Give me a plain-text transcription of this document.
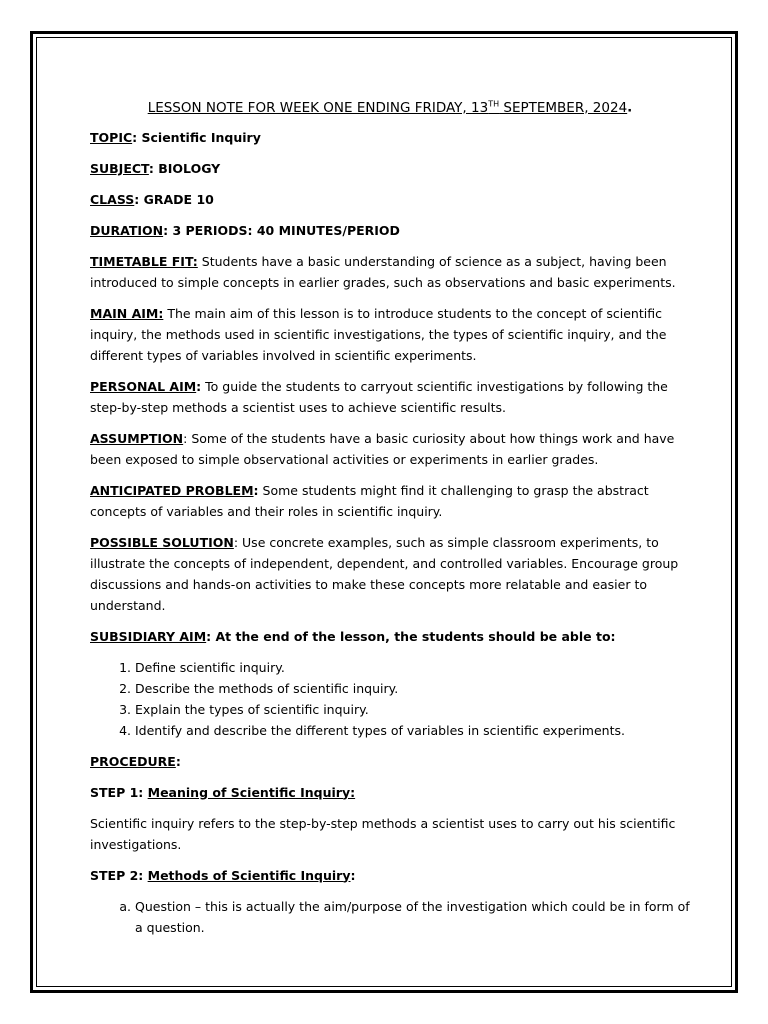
LESSON NOTE FOR WEEK ONE ENDING FRIDAY, 13TH SEPTEMBER, 2024.
TOPIC: Scientific Inquiry
SUBJECT: BIOLOGY
CLASS: GRADE 10
DURATION: 3 PERIODS: 40 MINUTES/PERIOD
TIMETABLE FIT: Students have a basic understanding of science as a subject, having been introduced to simple concepts in earlier grades, such as observations and basic experiments.
MAIN AIM: The main aim of this lesson is to introduce students to the concept of scientific inquiry, the methods used in scientific investigations, the types of scientific inquiry, and the different types of variables involved in scientific experiments.
PERSONAL AIM: To guide the students to carryout scientific investigations by following the step-by-step methods a scientist uses to achieve scientific results.
ASSUMPTION: Some of the students have a basic curiosity about how things work and have been exposed to simple observational activities or experiments in earlier grades.
ANTICIPATED PROBLEM: Some students might find it challenging to grasp the abstract concepts of variables and their roles in scientific inquiry.
POSSIBLE SOLUTION: Use concrete examples, such as simple classroom experiments, to illustrate the concepts of independent, dependent, and controlled variables. Encourage group discussions and hands-on activities to make these concepts more relatable and easier to understand.
SUBSIDIARY AIM: At the end of the lesson, the students should be able to:
1. Define scientific inquiry.
2. Describe the methods of scientific inquiry.
3. Explain the types of scientific inquiry.
4. Identify and describe the different types of variables in scientific experiments.
PROCEDURE:
STEP 1: Meaning of Scientific Inquiry:
Scientific inquiry refers to the step-by-step methods a scientist uses to carry out his scientific investigations.
STEP 2: Methods of Scientific Inquiry:
a. Question – this is actually the aim/purpose of the investigation which could be in form of a question.
